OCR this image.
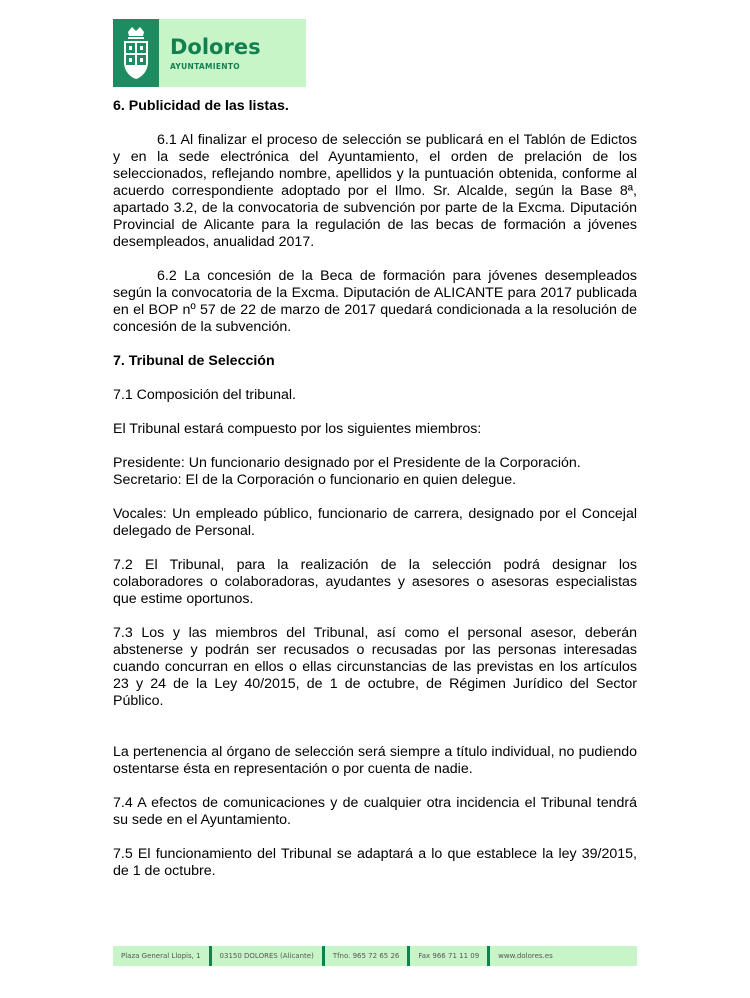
Dolores
AYUNTAMIENTO
6. Publicidad de las listas.

6.1 Al finalizar el proceso de selección se publicará en el Tablón de Edictos y en la sede electrónica del Ayuntamiento, el orden de prelación de los seleccionados, reflejando nombre, apellidos y la puntuación obtenida, conforme al acuerdo correspondiente adoptado por el Ilmo. Sr. Alcalde, según la Base 8ª, apartado 3.2, de la convocatoria de subvención por parte de la Excma. Diputación Provincial de Alicante para la regulación de las becas de formación a jóvenes desempleados, anualidad 2017.

6.2 La concesión de la Beca de formación para jóvenes desempleados según la convocatoria de la Excma. Diputación de ALICANTE para 2017 publicada en el BOP nº 57 de 22 de marzo de 2017 quedará condicionada a la resolución de concesión de la subvención.

7. Tribunal de Selección

7.1 Composición del tribunal.

El Tribunal estará compuesto por los siguientes miembros:

Presidente: Un funcionario designado por el Presidente de la Corporación.

Secretario: El de la Corporación o funcionario en quien delegue.

Vocales: Un empleado público, funcionario de carrera, designado por el Concejal delegado de Personal.

7.2 El Tribunal, para la realización de la selección podrá designar los colaboradores o colaboradoras, ayudantes y asesores o asesoras especialistas que estime oportunos.

7.3 Los y las miembros del Tribunal, así como el personal asesor, deberán abstenerse y podrán ser recusados o recusadas por las personas interesadas cuando concurran en ellos o ellas circunstancias de las previstas en los artículos 23 y 24 de la Ley 40/2015, de 1 de octubre, de Régimen Jurídico del Sector Público.

La pertenencia al órgano de selección será siempre a título individual, no pudiendo ostentarse ésta en representación o por cuenta de nadie.

7.4 A efectos de comunicaciones y de cualquier otra incidencia el Tribunal tendrá su sede en el Ayuntamiento.

7.5 El funcionamiento del Tribunal se adaptará a lo que establece la ley 39/2015, de 1 de octubre.

Plaza General Llopis, 1	03150 DOLORES (Alicante)	Tfno. 965 72 65 26	Fax 966 71 11 09	www.dolores.es
